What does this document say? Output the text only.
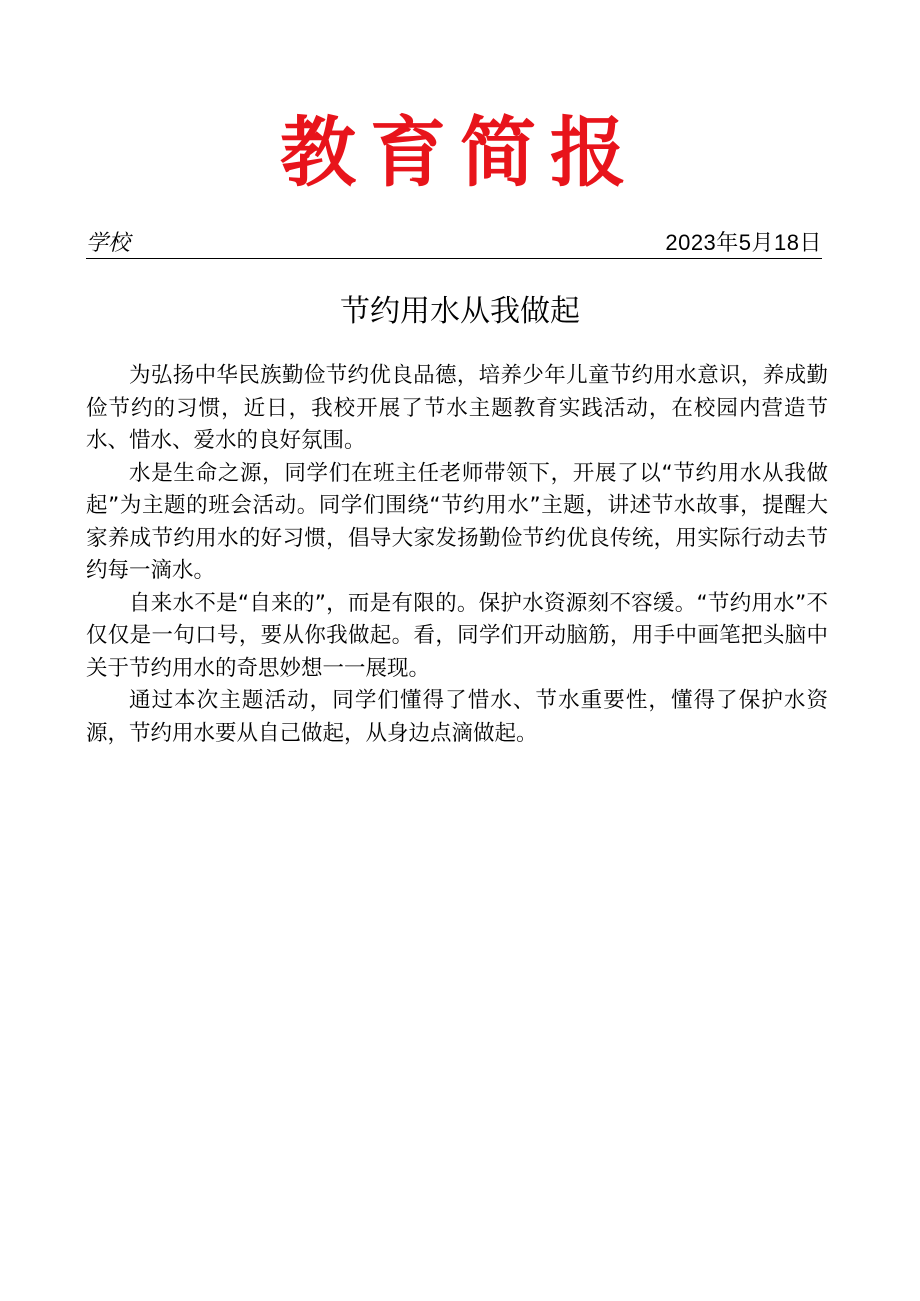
教育简报
学校	2023年5月18日
节约用水从我做起

为弘扬中华民族勤俭节约优良品德，培养少年儿童节约用水意识，养成勤俭节约的习惯，近日，我校开展了节水主题教育实践活动，在校园内营造节水、惜水、爱水的良好氛围。

水是生命之源，同学们在班主任老师带领下，开展了以“节约用水从我做起”为主题的班会活动。同学们围绕“节约用水”主题，讲述节水故事，提醒大家养成节约用水的好习惯，倡导大家发扬勤俭节约优良传统，用实际行动去节约每一滴水。

自来水不是“自来的”，而是有限的。保护水资源刻不容缓。“节约用水”不仅仅是一句口号，要从你我做起。看，同学们开动脑筋，用手中画笔把头脑中关于节约用水的奇思妙想一一展现。

通过本次主题活动，同学们懂得了惜水、节水重要性，懂得了保护水资源，节约用水要从自己做起，从身边点滴做起。
